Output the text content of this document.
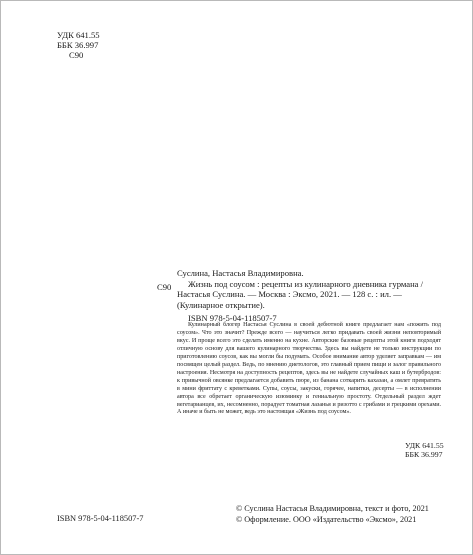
УДК 641.55
ББК 36.997
С90
С90

Суслина, Настасья Владимировна.

Жизнь под соусом : рецепты из кулинарного дневника гурмана / Настасья Суслина. — Москва : Эксмо, 2021. — 128 с. : ил. — (Кулинарное открытие).

ISBN 978-5-04-118507-7

Кулинарный блогер Настасья Суслина в своей дебютной книге предлагает нам «пожить под соусом». Что это значит? Прежде всего — научиться легко придавать своей жизни неповторимый вкус. И проще всего это сделать именно на кухне. Авторские базовые рецепты этой книги подходят отличную основу для вашего кулинарного творчества. Здесь вы найдете не только инструкции по приготовлению соусов, как вы могли бы подумать. Особое внимание автор уделяет заправкам — им посвящен целый раздел. Ведь, по мнению диетологов, это главный прием пищи и залог правильного настроения. Несмотря на доступность рецептов, здесь вы не найдете случайных каш и бутербродов: к привычной овсянке предлагается добавить пюре, из банана соткарить кахазан, а омлет превратить в мини фриттату с креветками. Супы, соусы, закуски, горячее, напитки, десерты — в исполнении автора все обретает органическую изюминку и гениальную простоту. Отдельный раздел ждет вегетарианцев, их, несомненно, порадует томатная лазанья и ризотто с грибами и грецкими орехами. А иначе и быть не может, ведь это настоящая «Жизнь под соусом».

УДК 641.55
ББК 36.997
ISBN 978-5-04-118507-7
© Суслина Настасья Владимировна, текст и фото, 2021
© Оформление. ООО «Издательство «Эксмо», 2021
